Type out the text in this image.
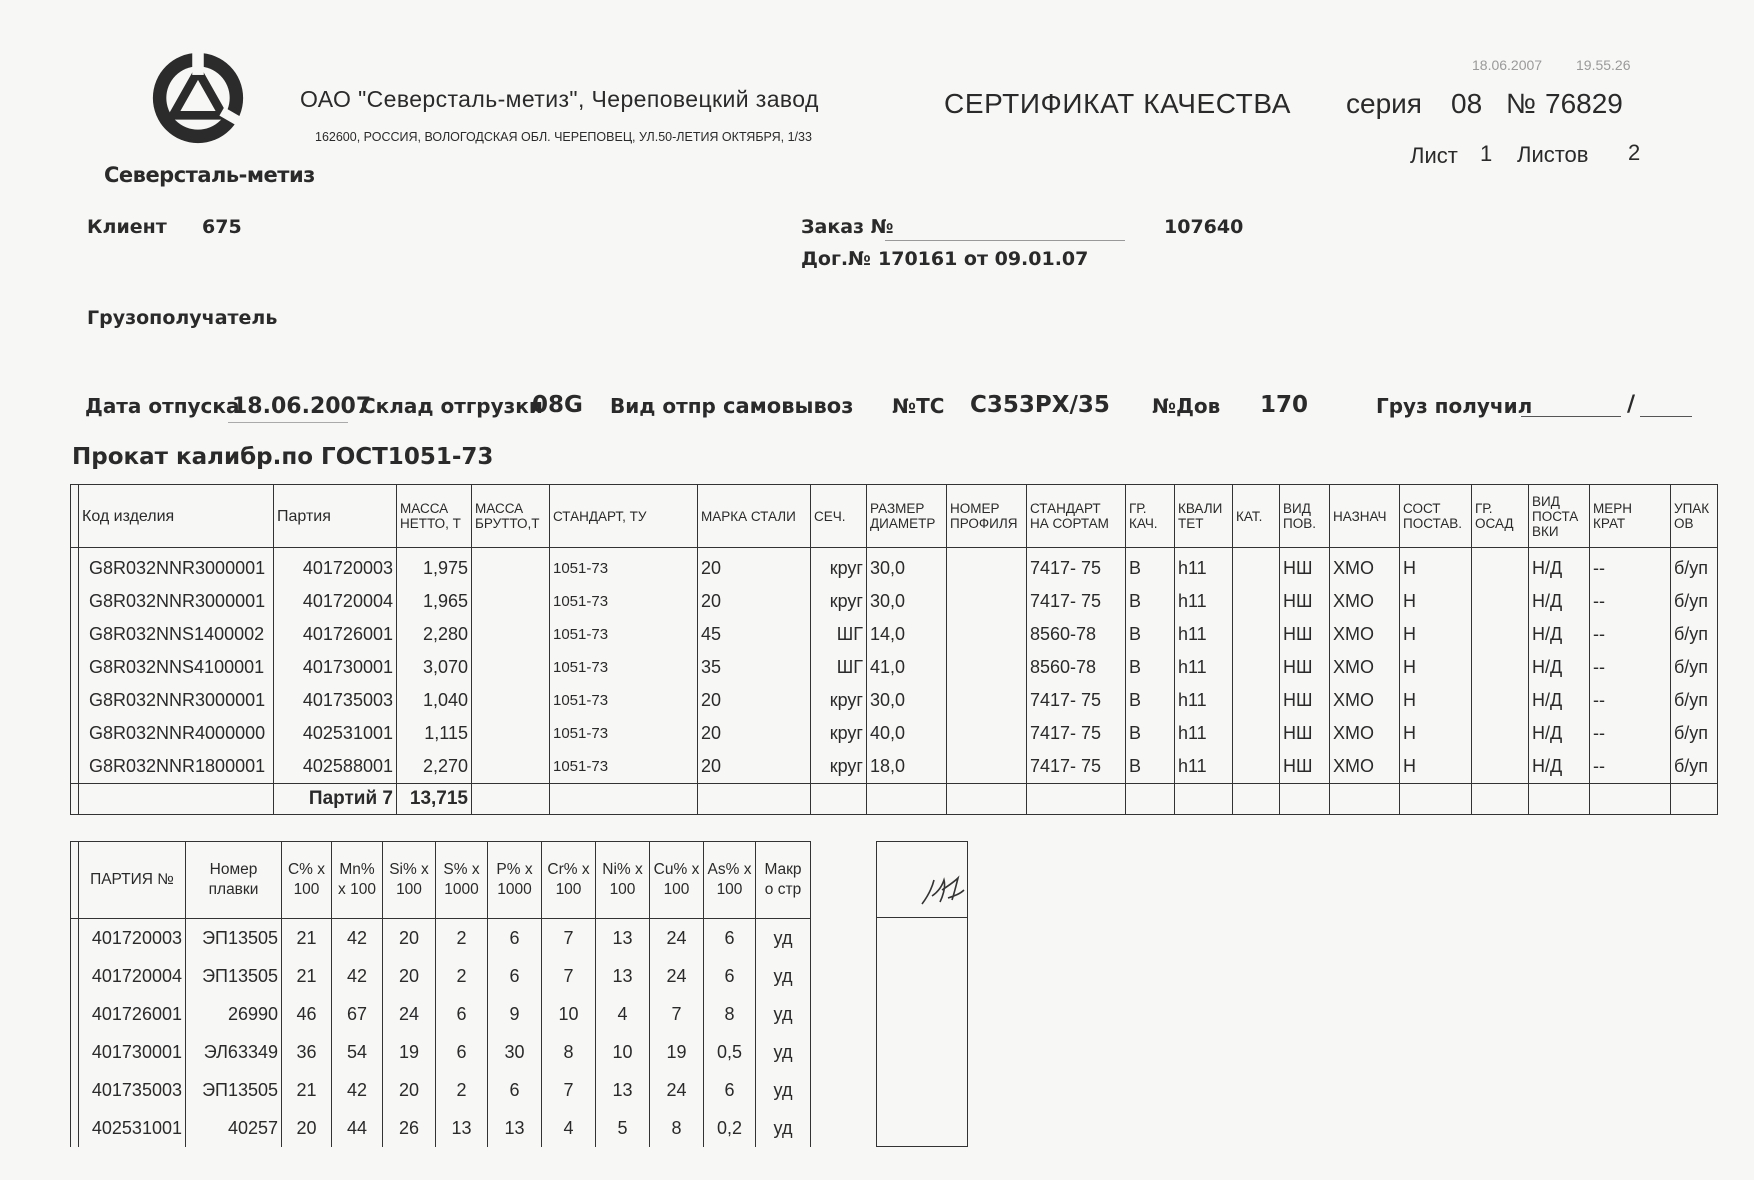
Северсталь-метиз
ОАО "Северсталь-метиз", Череповецкий завод
162600, РОССИЯ, ВОЛОГОДСКАЯ ОБЛ. ЧЕРЕПОВЕЦ, УЛ.50-ЛЕТИЯ ОКТЯБРЯ, 1/33
СЕРТИФИКАТ КАЧЕСТВА серия 08 № 76829
18.06.2007 19.55.26
Лист 1 Листов 2
Клиент 675	Заказ №	107640
Дог.№ 170161 от 09.01.07
Грузополучатель
Дата отпуска
18.06.2007
Склад отгрузки
08G Вид отпр самовывоз №ТС С353РХ/35 №Дов 170	Груз получил	/
Прокат калибр.по ГОСТ1051-73
	Код изделия	Партия	МАССА НЕТТО, Т	МАССА БРУТТО,Т	СТАНДАРТ, ТУ	МАРКА СТАЛИ	СЕЧ.	РАЗМЕР ДИАМЕТР	НОМЕР ПРОФИЛЯ	СТАНДАРТ НА СОРТАМ	ГР. КАЧ.	КВАЛИ ТЕТ	КАТ.	ВИД ПОВ.	НАЗНАЧ	СОСТ ПОСТАВ.	ГР. ОСАД	ВИД ПОСТА ВКИ	МЕРН КРАТ	УПАК ОВ
	G8R032NNR3000001	401720003	1,975		1051-73	20	круг	30,0		7417- 75	В	h11		НШ	ХМО	Н		Н/Д	--	б/уп
	G8R032NNR3000001	401720004	1,965		1051-73	20	круг	30,0		7417- 75	В	h11		НШ	ХМО	Н		Н/Д	--	б/уп
	G8R032NNS1400002	401726001	2,280		1051-73	45	ШГ	14,0		8560-78	В	h11		НШ	ХМО	Н		Н/Д	--	б/уп
	G8R032NNS4100001	401730001	3,070		1051-73	35	ШГ	41,0		8560-78	В	h11		НШ	ХМО	Н		Н/Д	--	б/уп
	G8R032NNR3000001	401735003	1,040		1051-73	20	круг	30,0		7417- 75	В	h11		НШ	ХМО	Н		Н/Д	--	б/уп
	G8R032NNR4000000	402531001	1,115		1051-73	20	круг	40,0		7417- 75	В	h11		НШ	ХМО	Н		Н/Д	--	б/уп
	G8R032NNR1800001	402588001	2,270		1051-73	20	круг	18,0		7417- 75	В	h11		НШ	ХМО	Н		Н/Д	--	б/уп
		Партий 7	13,715																	
	ПАРТИЯ №	Номер плавки	С% x 100	Mn% x 100	Si% x 100	S% x 1000	P% x 1000	Cr% x 100	Ni% x 100	Cu% x 100	As% x 100	Макр о стр
	401720003	ЭП13505	21	42	20	2	6	7	13	24	6	уд
	401720004	ЭП13505	21	42	20	2	6	7	13	24	6	уд
	401726001	26990	46	67	24	6	9	10	4	7	8	уд
	401730001	ЭЛ63349	36	54	19	6	30	8	10	19	0,5	уд
	401735003	ЭП13505	21	42	20	2	6	7	13	24	6	уд
	402531001	40257	20	44	26	13	13	4	5	8	0,2	уд
